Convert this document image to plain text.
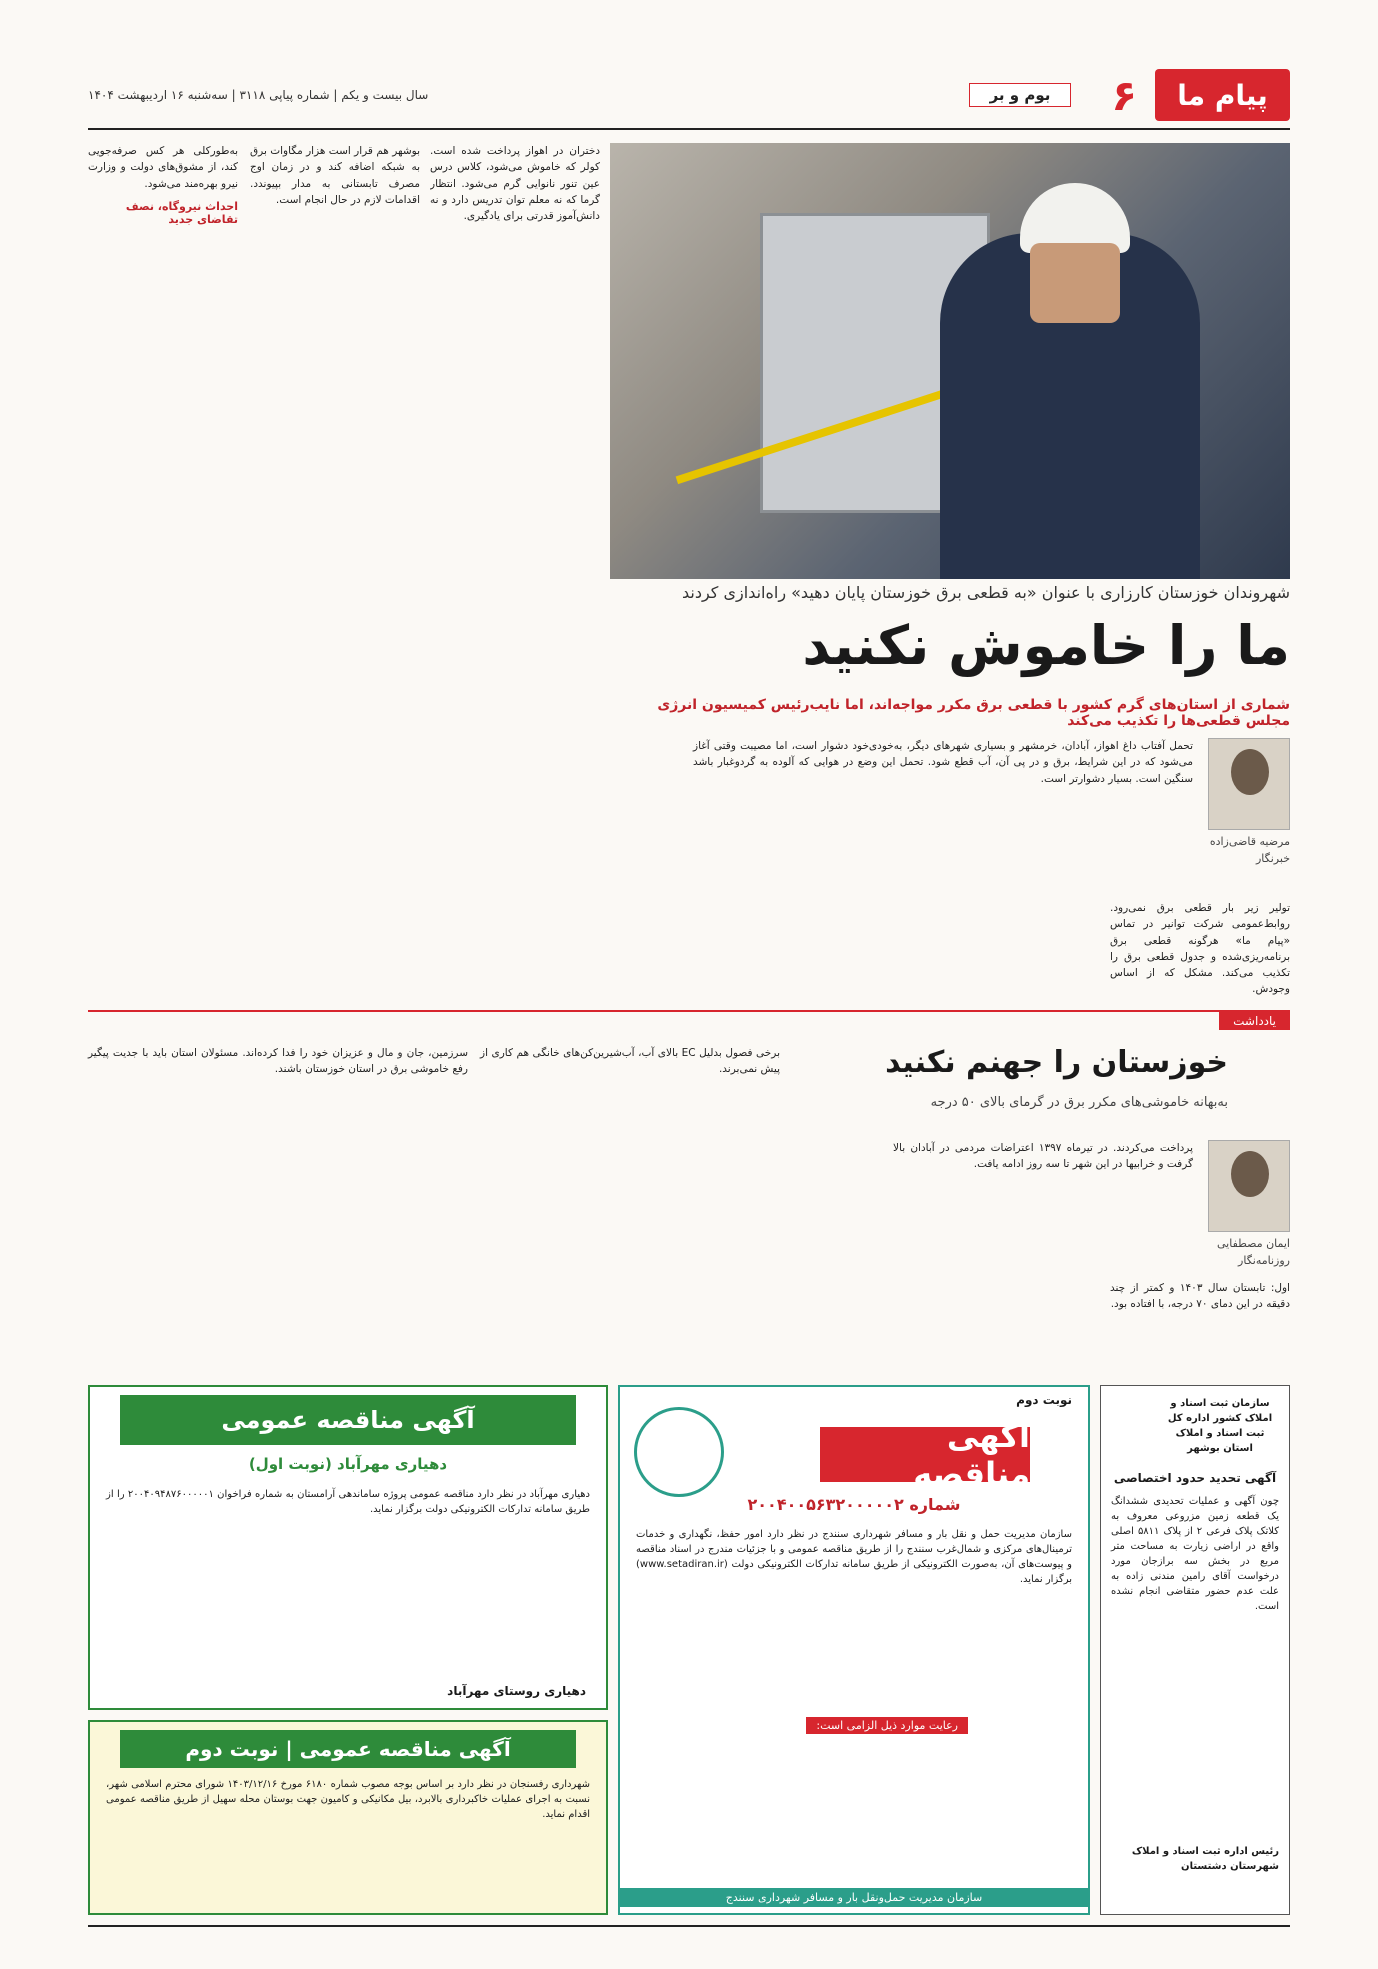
پیام ما
۶
بوم و بر
سال بیست و یکم | شماره پیاپی ۳۱۱۸ | سه‌شنبه ۱۶ اردیبهشت ۱۴۰۴
شهروندان خوزستان کارزاری با عنوان «به قطعی برق خوزستان پایان دهید» راه‌اندازی کردند
ما را خاموش نکنید
شماری از استان‌های گرم کشور با قطعی برق مکرر مواجه‌اند، اما نایب‌رئیس کمیسیون انرژی مجلس قطعی‌ها را تکذیب می‌کند
مرضیه قاضی‌زاده
خبرنگار
تحمل آفتاب داغ اهواز، آبادان، خرمشهر و بسیاری شهرهای دیگر، به‌خودی‌خود دشوار است، اما مصیبت وقتی آغاز می‌شود که در این شرایط، برق و در پی آن، آب قطع شود. تحمل این وضع در هوایی که آلوده به گردوغبار باشد سنگین است. بسیار دشوارتر است.
تولیر زیر بار قطعی برق نمی‌رود. روابط‌عمومی شرکت توانیر در تماس «پیام ما» هرگونه قطعی برق برنامه‌ریزی‌شده و جدول قطعی برق را تکذیب می‌کند. مشکل که از اساس وجودش.
دختران در اهواز پرداخت شده است. کولر که خاموش می‌شود، کلاس درس عین تنور نانوایی گرم می‌شود. انتظار گرما که نه معلم توان تدریس دارد و نه دانش‌آموز قدرتی برای یادگیری.
بوشهر هم قرار است هزار مگاوات برق به شبکه اضافه کند و در زمان اوج مصرف تابستانی به مدار بپیوندد. اقدامات لازم در حال انجام است.
به‌طورکلی هر کس صرفه‌جویی کند، از مشوق‌های دولت و وزارت نیرو بهره‌مند می‌شود.
احداث نیروگاه، نصف تقاضای جدید
یادداشت
خوزستان را جهنم نکنید
به‌بهانه خاموشی‌های مکرر برق در گرمای بالای ۵۰ درجه
ایمان مصطفایی
روزنامه‌نگار
اول: تابستان سال ۱۴۰۳ و کمتر از چند دقیقه در این دمای ۷۰ درجه، با افتاده بود.
پرداخت می‌کردند. در تیرماه ۱۳۹۷ اعتراضات مردمی در آبادان بالا گرفت و خرابیها در این شهر تا سه روز ادامه یافت.
برخی فصول بدلیل EC بالای آب، آب‌شیرین‌کن‌های خانگی هم کاری از پیش نمی‌برند.
سرزمین، جان و مال و عزیزان خود را فدا کرده‌اند. مسئولان استان باید با جدیت پیگیر رفع خاموشی برق در استان خوزستان باشند.
آگهی مناقصه عمومی
دهیاری مهرآباد (نوبت اول)
دهیاری مهرآباد در نظر دارد مناقصه عمومی پروژه ساماندهی آرامستان به شماره فراخوان ۲۰۰۴۰۹۴۸۷۶۰۰۰۰۰۱ را از طریق سامانه تدارکات الکترونیکی دولت برگزار نماید.
دهیاری روستای مهرآباد
آگهی مناقصه عمومی | نوبت دوم
شهرداری رفسنجان در نظر دارد بر اساس بوجه مصوب شماره ۶۱۸۰ مورخ ۱۴۰۳/۱۲/۱۶ شورای محترم اسلامی شهر، نسبت به اجرای عملیات خاکبرداری بالابرد، بیل مکانیکی و کامیون جهت بوستان محله سهیل از طریق مناقصه عمومی اقدام نماید.
نوبت دوم
آگهی مناقصه
شماره ۲۰۰۴۰۰۵۶۳۲۰۰۰۰۰۲
سازمان مدیریت حمل و نقل بار و مسافر شهرداری سنندج در نظر دارد امور حفظ، نگهداری و خدمات ترمینال‌های مرکزی و شمال‌غرب سنندج را از طریق مناقصه عمومی و با جزئیات مندرج در اسناد مناقصه و پیوست‌های آن، به‌صورت الکترونیکی از طریق سامانه تدارکات الکترونیکی دولت (www.setadiran.ir) برگزار نماید.
رعایت موارد ذیل الزامی است:
سازمان مدیریت حمل‌ونقل بار و مسافر شهرداری سنندج
سازمان ثبت اسناد و املاک کشور اداره کل ثبت اسناد و املاک استان بوشهر
آگهی تحدید حدود اختصاصی
چون آگهی و عملیات تحدیدی ششدانگ یک قطعه زمین مزروعی معروف به کلاتک پلاک فرعی ۲ از پلاک ۵۸۱۱ اصلی واقع در اراضی زیارت به مساحت متر مربع در بخش سه برازجان مورد درخواست آقای رامین مندنی زاده به علت عدم حضور متقاضی انجام نشده است.
رئیس اداره ثبت اسناد و املاک شهرستان دشتستان
